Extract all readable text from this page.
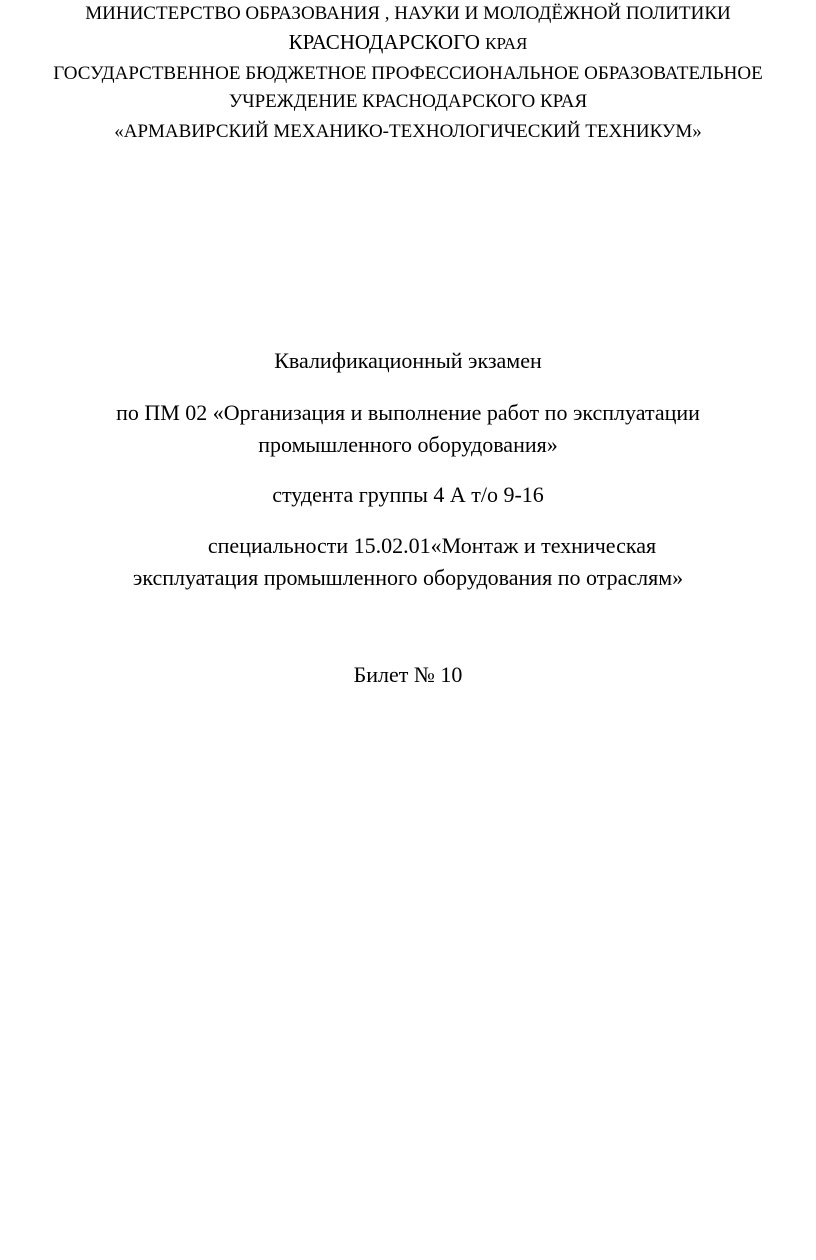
МИНИСТЕРСТВО ОБРАЗОВАНИЯ , НАУКИ И МОЛОДЁЖНОЙ ПОЛИТИКИ
КРАСНОДАРСКОГО КРАЯ
ГОСУДАРСТВЕННОЕ БЮДЖЕТНОЕ ПРОФЕССИОНАЛЬНОЕ ОБРАЗОВАТЕЛЬНОЕ
УЧРЕЖДЕНИЕ КРАСНОДАРСКОГО КРАЯ
«АРМАВИРСКИЙ МЕХАНИКО-ТЕХНОЛОГИЧЕСКИЙ ТЕХНИКУМ»
Квалификационный экзамен
по ПМ 02 «Организация и выполнение работ по эксплуатации
промышленного оборудования»
студента группы 4 А т/о 9-16
специальности 15.02.01«Монтаж и техническая
эксплуатация промышленного оборудования по отраслям»
Билет № 10
